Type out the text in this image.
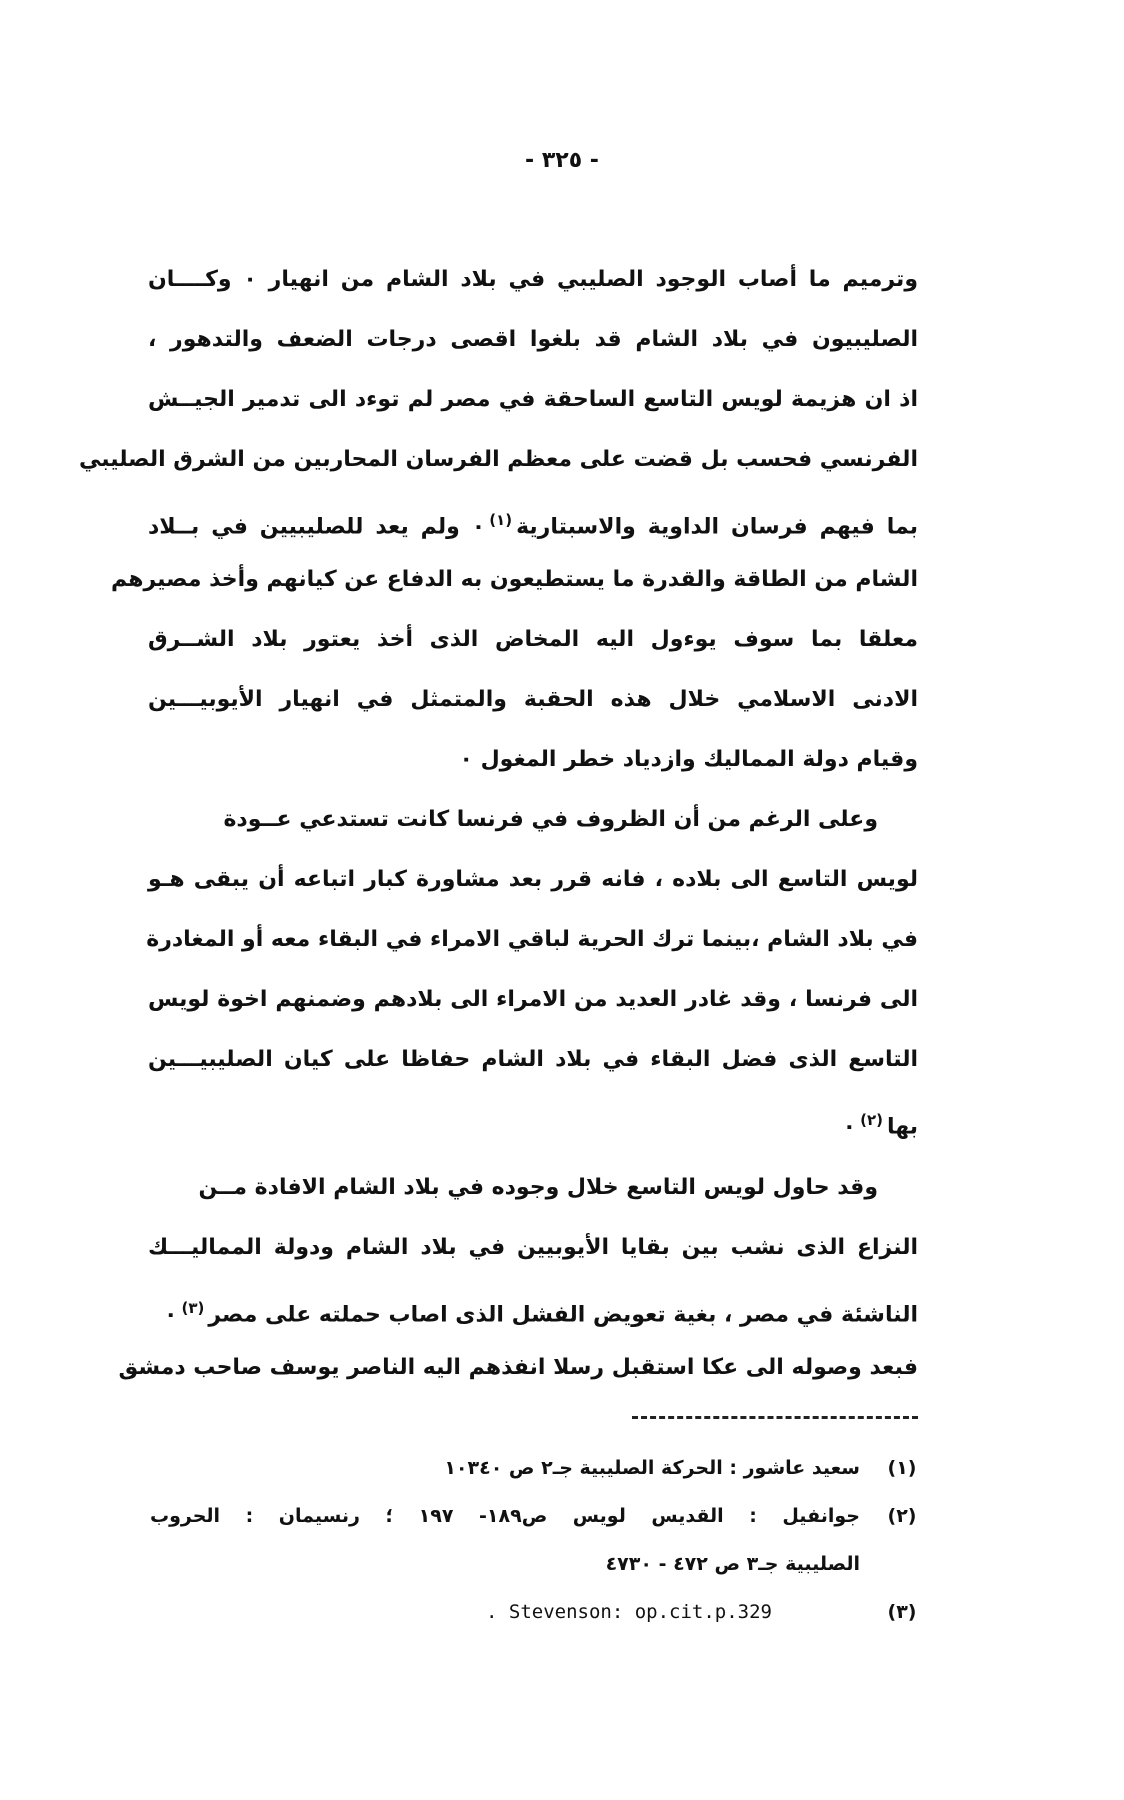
- ٣٢٥ -
وترميم ما أصاب الوجود الصليبي في بلاد الشام من انهيار ٠ وكــــان
الصليبيون في بلاد الشام قد بلغوا اقصى درجات الضعف والتدهور ،
اذ ان هزيمة لويس التاسع الساحقة في مصر لم توءد الى تدمير الجيــش
الفرنسي فحسب بل قضت على معظم الفرسان المحاربين من الشرق الصليبي
بما فيهم فرسان الداوية والاسبتارية$^{(١)}$٠ ولم يعد للصليبيين في بــلاد
الشام من الطاقة والقدرة ما يستطيعون به الدفاع عن كيانهم وأخذ مصيرهم
معلقا بما سوف يوءول اليه المخاض الذى أخذ يعتور بلاد الشــرق
الادنى الاسلامي خلال هذه الحقبة والمتمثل في انهيار الأيوبيـــين
وقيام دولة المماليك وازدياد خطر المغول ٠
وعلى الرغم من أن الظروف في فرنسا كانت تستدعي عــودة
لويس التاسع الى بلاده ، فانه قرر بعد مشاورة كبار اتباعه أن يبقى هـو
في بلاد الشام ،بينما ترك الحرية لباقي الامراء في البقاء معه أو المغادرة
الى فرنسا ، وقد غادر العديد من الامراء الى بلادهم وضمنهم اخوة لويس
التاسع الذى فضل البقاء في بلاد الشام حفاظا على كيان الصليبيـــين
بها$^{(٢)}$٠
وقد حاول لويس التاسع خلال وجوده في بلاد الشام الافادة مــن
النزاع الذى نشب بين بقايا الأيوبيين في بلاد الشام ودولة المماليـــك
الناشئة في مصر ، بغية تعويض الفشل الذى اصاب حملته على مصر$^{(٣)}$٠
فبعد وصوله الى عكا استقبل رسلا انفذهم اليه الناصر يوسف صاحب دمشق
(١)
سعيد عاشور : الحركة الصليبية جـ٢ ص ١٠٣٤٠
(٢)
جوانفيل : القديس لويس ص١٨٩- ١٩٧ ؛ رنسيمان : الحروب
الصليبية جـ٣ ص ٤٧٢ - ٤٧٣٠
(٣)
. Stevenson: op.cit.p.329
